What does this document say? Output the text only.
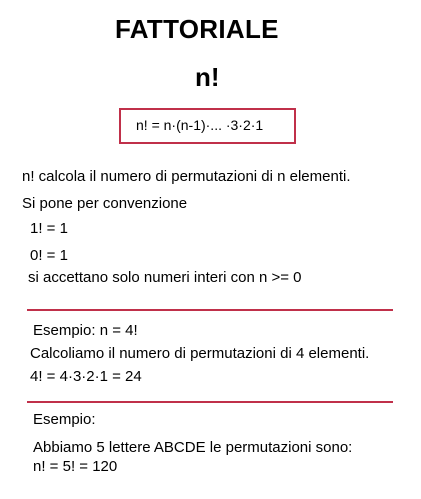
FATTORIALE
n!
n! = n·(n-1)·... ·3·2·1
n! calcola il numero di permutazioni di n elementi.
Si pone per convenzione
1! = 1
0! = 1
si accettano solo numeri interi con n >= 0
Esempio: n = 4!
Calcoliamo il numero di permutazioni di 4 elementi.
4! = 4·3·2·1 = 24
Esempio:
Abbiamo 5 lettere ABCDE le permutazioni sono:
n! = 5! = 120
